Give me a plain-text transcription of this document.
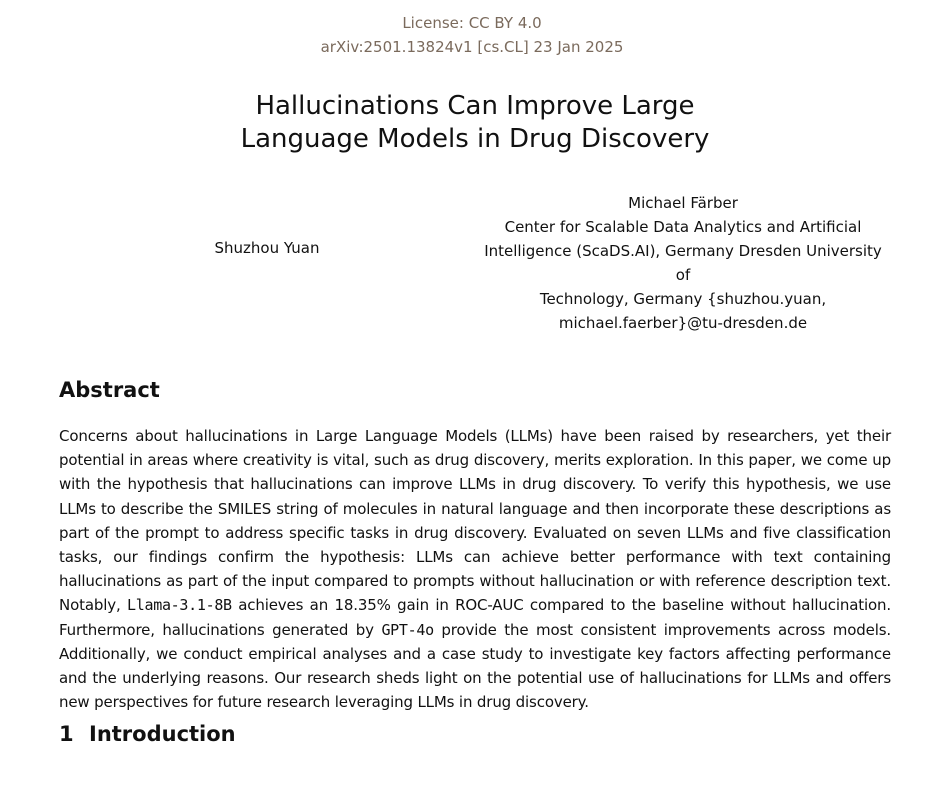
License: CC BY 4.0
arXiv:2501.13824v1 [cs.CL] 23 Jan 2025
Hallucinations Can Improve Large
Language Models in Drug Discovery
Shuzhou Yuan
Michael Färber
Center for Scalable Data Analytics and Artificial
Intelligence (ScaDS.AI), Germany Dresden University of
Technology, Germany {shuzhou.yuan,
michael.faerber}@tu-dresden.de
Abstract

Concerns about hallucinations in Large Language Models (LLMs) have been raised by researchers, yet their potential in areas where creativity is vital, such as drug discovery, merits exploration. In this paper, we come up with the hypothesis that hallucinations can improve LLMs in drug discovery. To verify this hypothesis, we use LLMs to describe the SMILES string of molecules in natural language and then incorporate these descriptions as part of the prompt to address specific tasks in drug discovery. Evaluated on seven LLMs and five classification tasks, our findings confirm the hypothesis: LLMs can achieve better performance with text containing hallucinations as part of the input compared to prompts without hallucination or with reference description text. Notably, Llama-3.1-8B achieves an 18.35% gain in ROC-AUC compared to the baseline without hallucination. Furthermore, hallucinations generated by GPT-4o provide the most consistent improvements across models. Additionally, we conduct empirical analyses and a case study to investigate key factors affecting performance and the underlying reasons. Our research sheds light on the potential use of hallucinations for LLMs and offers new perspectives for future research leveraging LLMs in drug discovery.

1 Introduction
